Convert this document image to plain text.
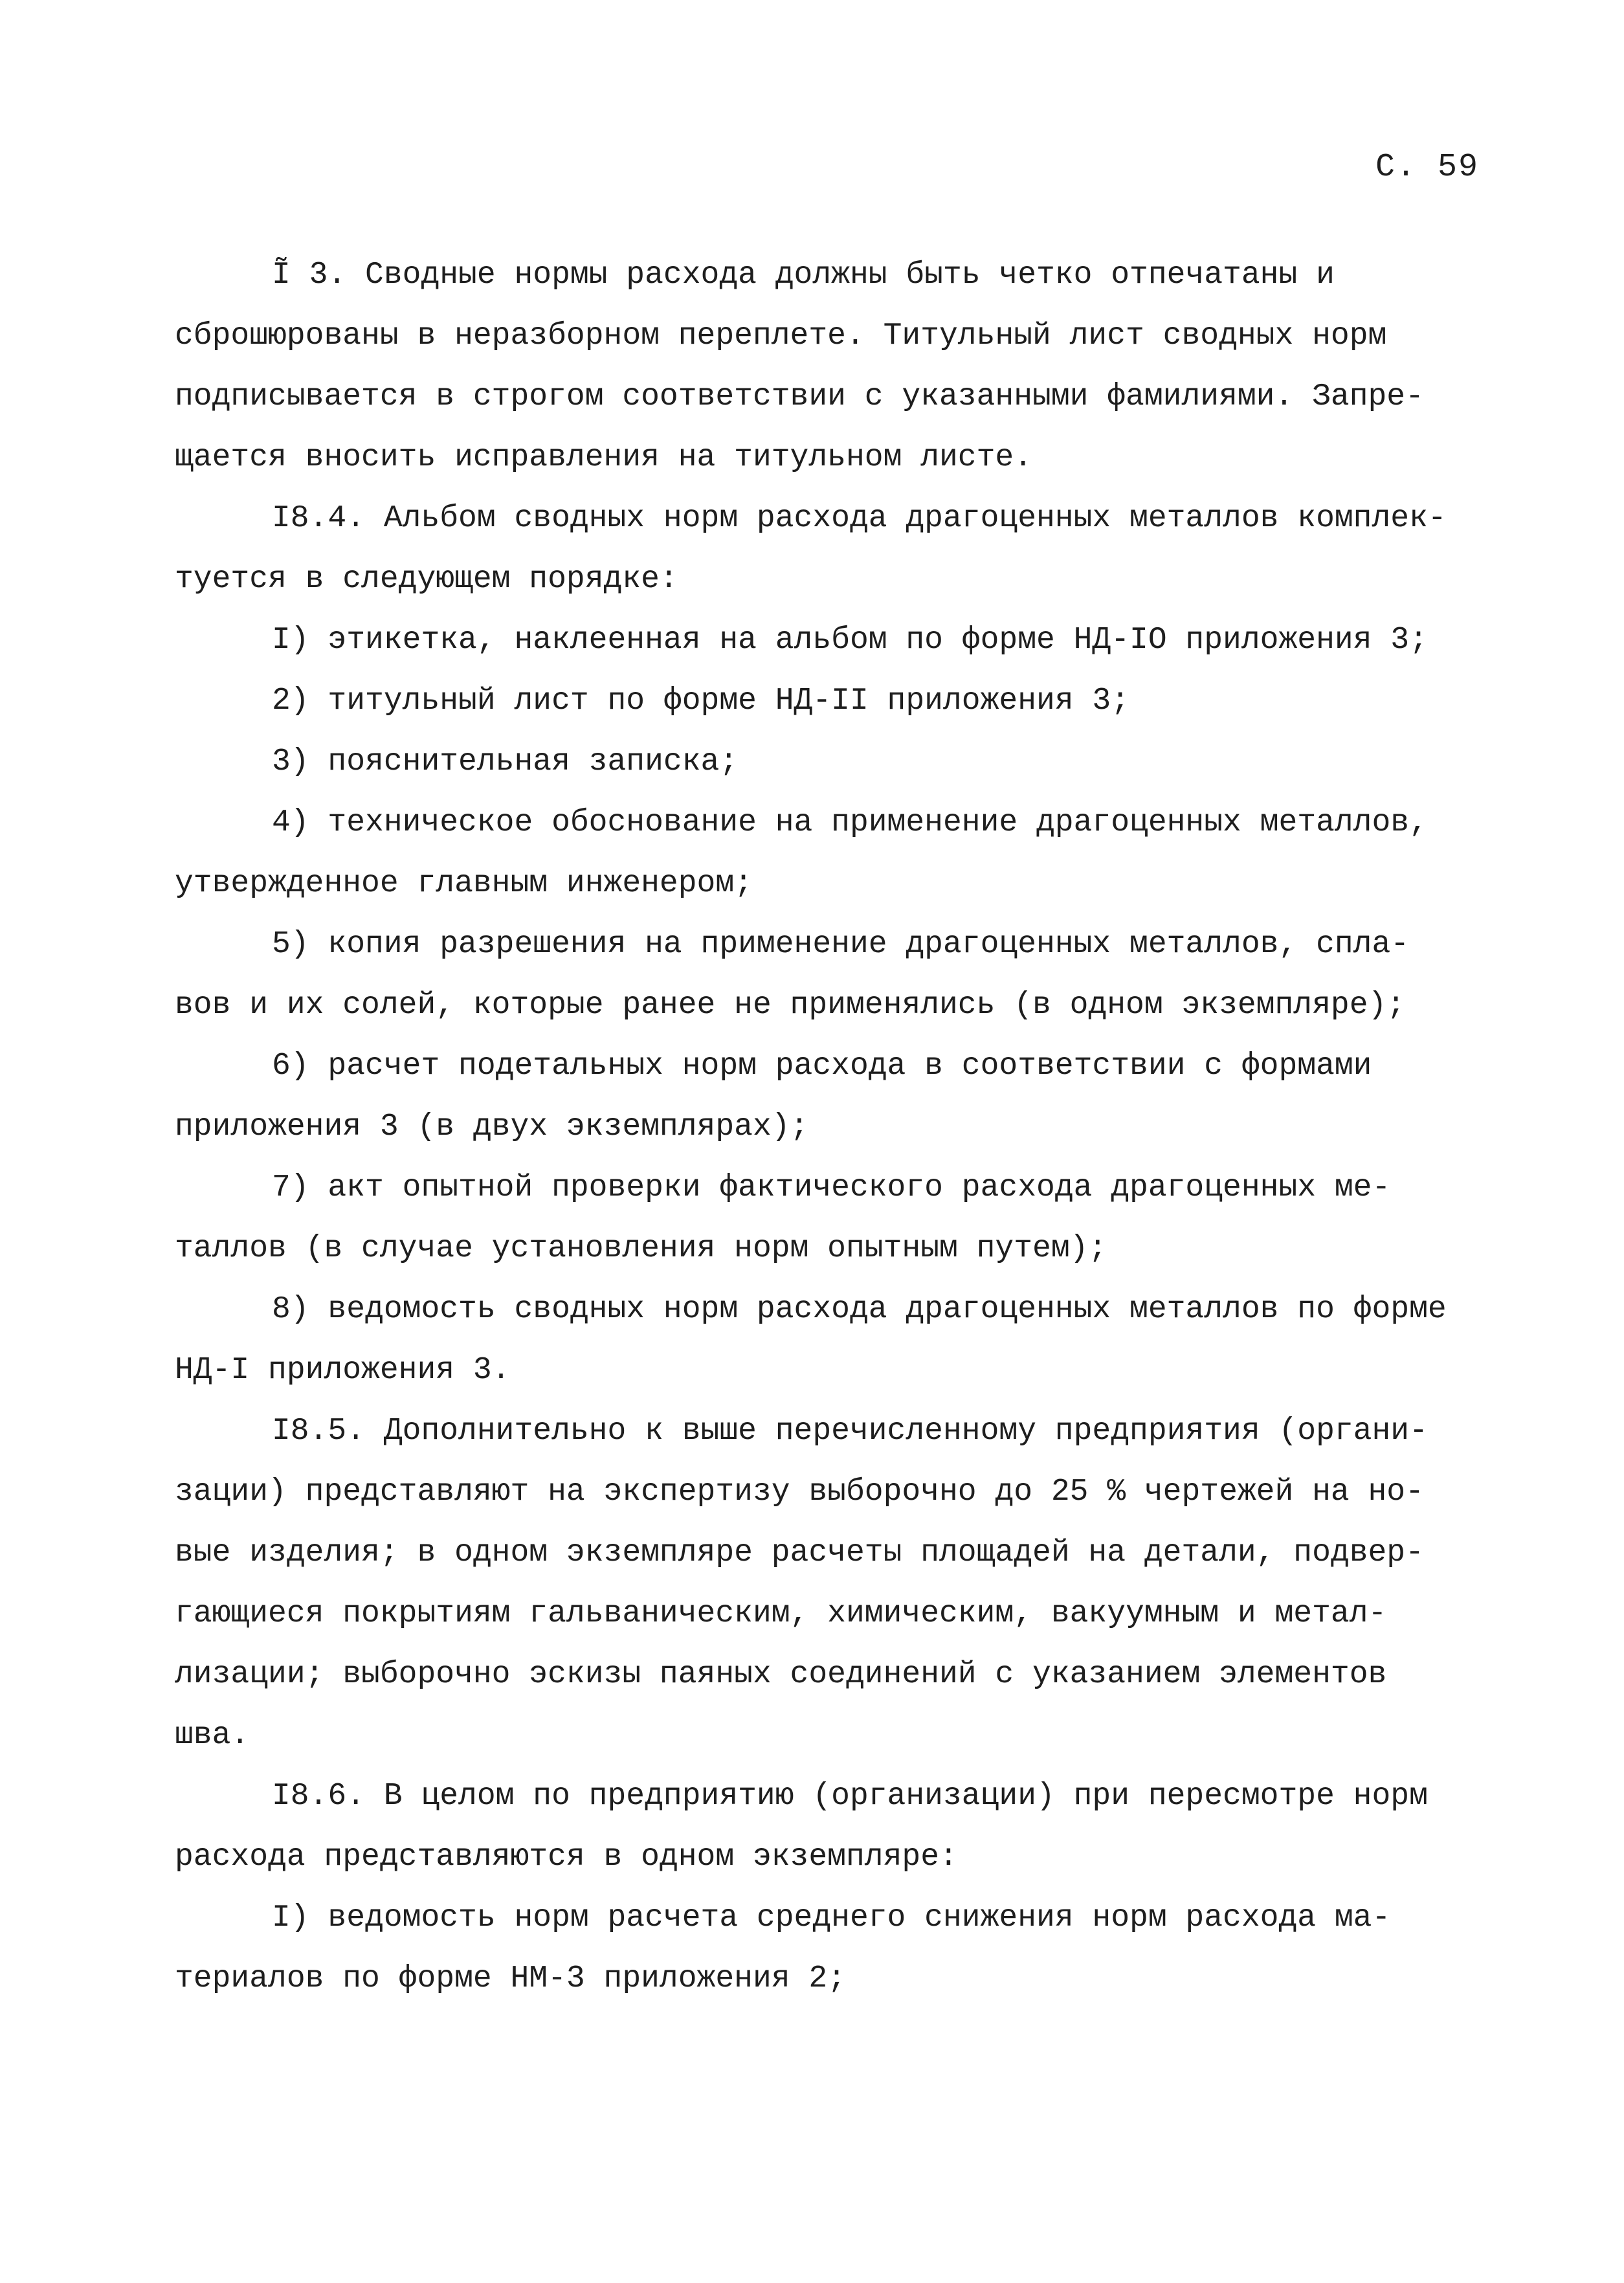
С. 59
Ĩ 3. Сводные нормы расхода должны быть четко отпечатаны и
сброшюрованы в неразборном переплете. Титульный лист сводных норм
подписывается в строгом соответствии с указанными фамилиями. Запре-
щается вносить исправления на титульном листе.
I8.4. Альбом сводных норм расхода драгоценных металлов комплек-
туется в следующем порядке:
I) этикетка, наклеенная на альбом по форме НД-IO приложения 3;
2) титульный лист по форме НД-II приложения 3;
3) пояснительная записка;
4) техническое обоснование на применение драгоценных металлов,
утвержденное главным инженером;
5) копия разрешения на применение драгоценных металлов, спла-
вов и их солей, которые ранее не применялись (в одном экземпляре);
6) расчет подетальных норм расхода в соответствии с формами
приложения 3 (в двух экземплярах);
7) акт опытной проверки фактического расхода драгоценных ме-
таллов (в случае установления норм опытным путем);
8) ведомость сводных норм расхода драгоценных металлов по форме
НД-I приложения 3.
I8.5. Дополнительно к выше перечисленному предприятия (органи-
зации) представляют на экспертизу выборочно до 25 % чертежей на но-
вые изделия; в одном экземпляре расчеты площадей на детали, подвер-
гающиеся покрытиям гальваническим, химическим, вакуумным и метал-
лизации; выборочно эскизы паяных соединений с указанием элементов
шва.
I8.6. В целом по предприятию (организации) при пересмотре норм
расхода представляются в одном экземпляре:
I) ведомость норм расчета среднего снижения норм расхода ма-
териалов по форме НМ-3 приложения 2;
